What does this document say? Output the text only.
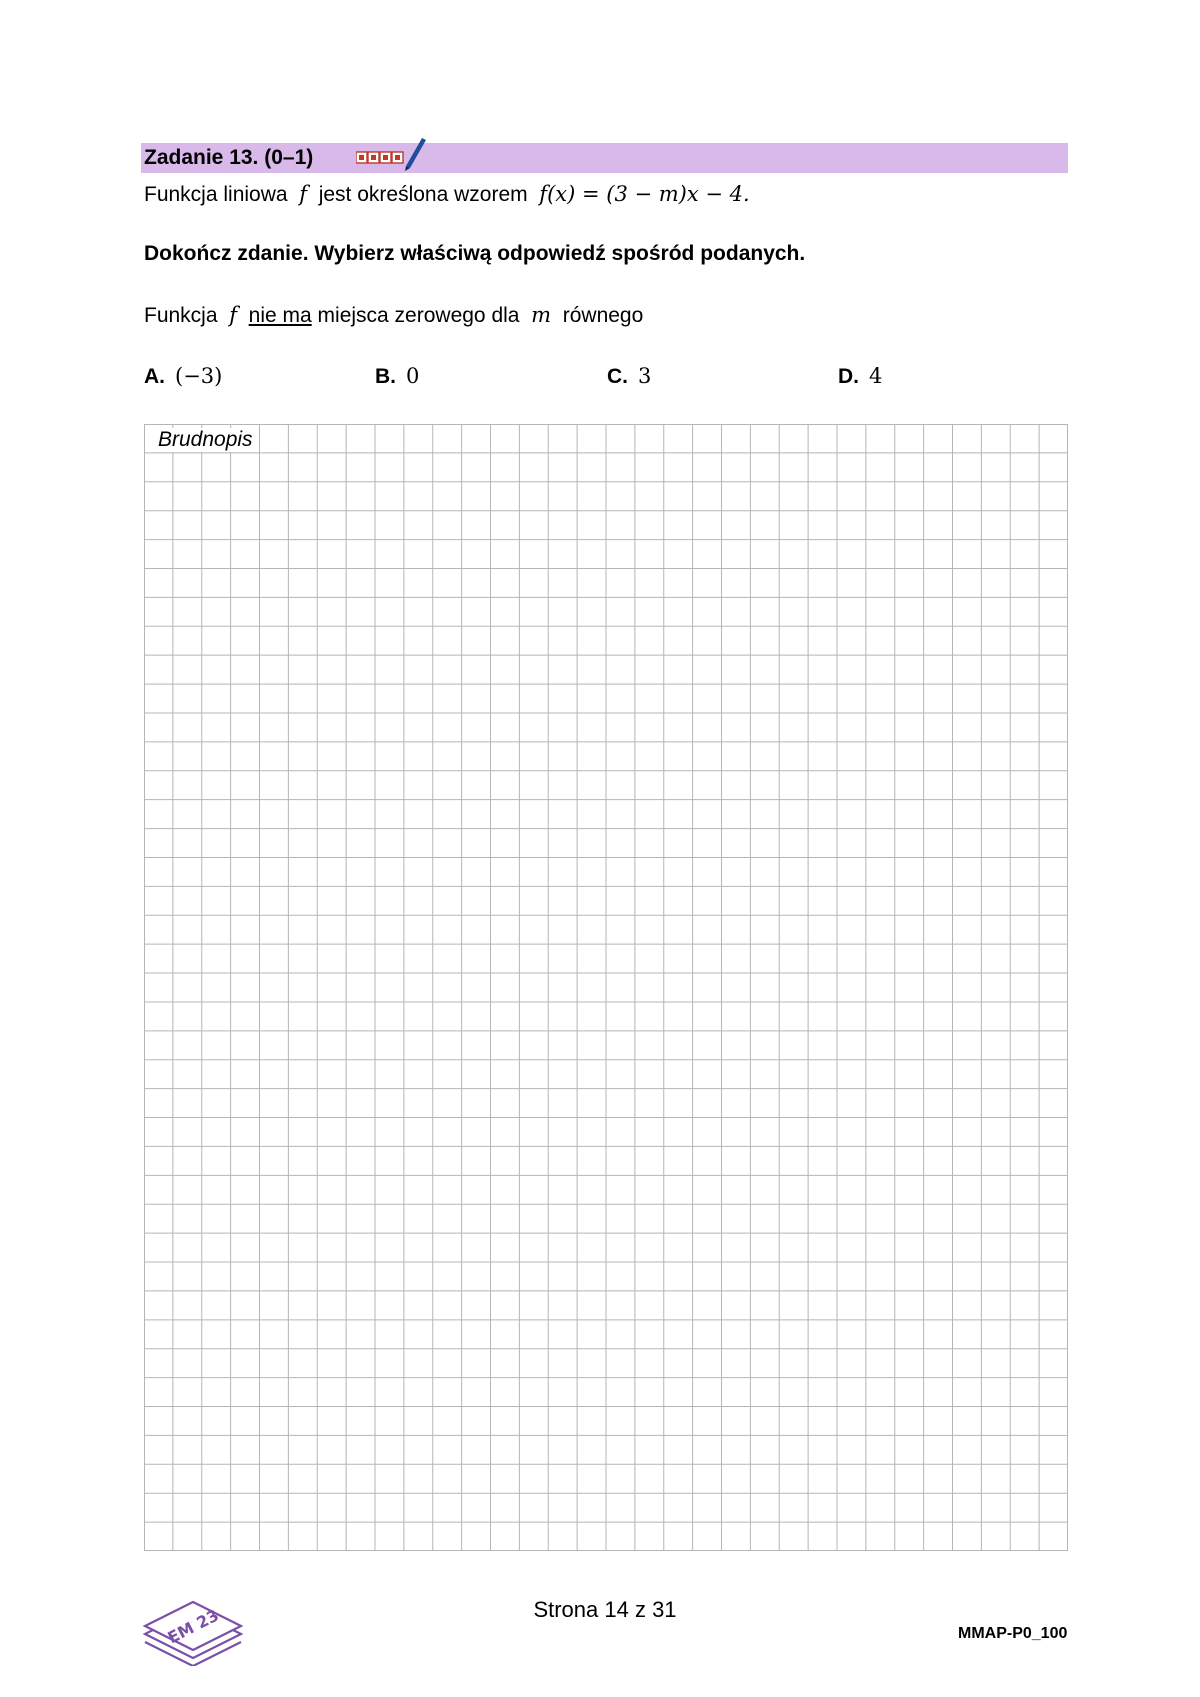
Zadanie 13. (0–1)
Funkcja liniowa f jest określona wzorem f(x) = (3 − m)x − 4.
Dokończ zdanie. Wybierz właściwą odpowiedź spośród podanych.
Funkcja f nie ma miejsca zerowego dla m równego
A. (−3)	B. 0	C. 3	D. 4
Brudnopis
Strona 14 z 31
MMAP-P0_100
EM 23
